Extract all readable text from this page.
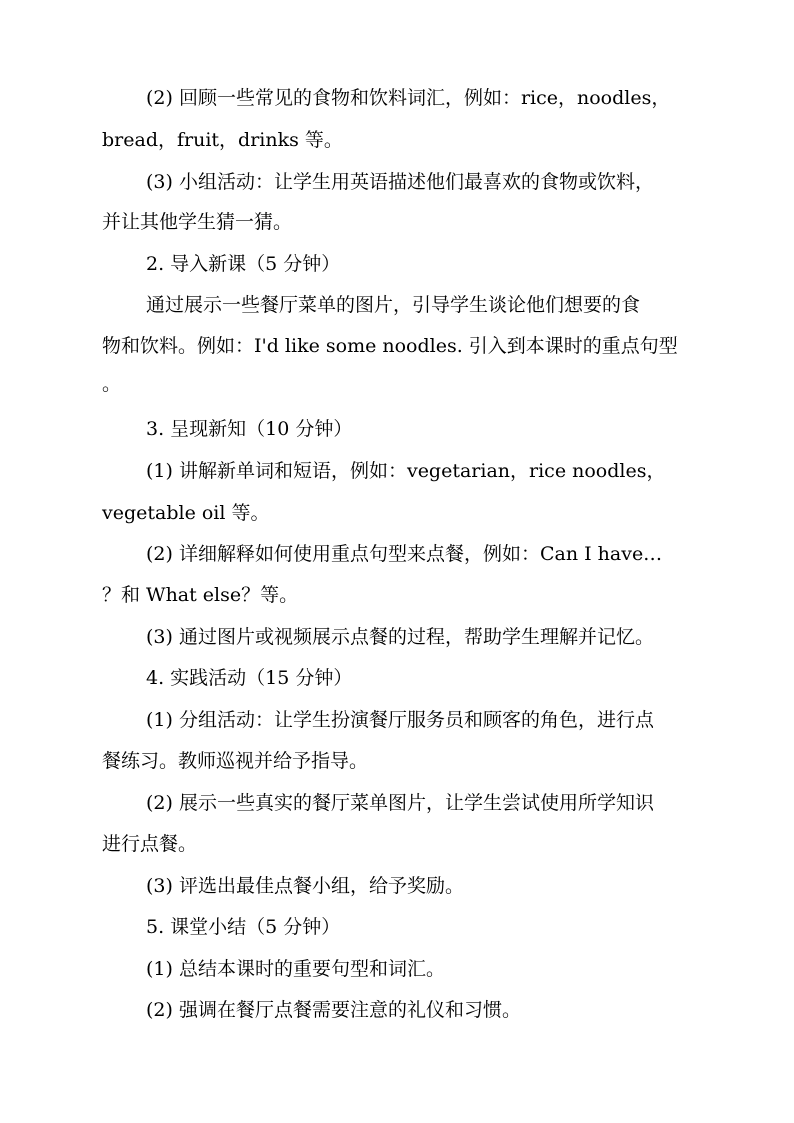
(2) 回顾一些常见的食物和饮料词汇，例如：rice，noodles，

bread，fruit，drinks 等。

(3) 小组活动：让学生用英语描述他们最喜欢的食物或饮料，

并让其他学生猜一猜。

2. 导入新课（5 分钟）

通过展示一些餐厅菜单的图片，引导学生谈论他们想要的食

物和饮料。例如：I'd like some noodles. 引入到本课时的重点句型

。

3. 呈现新知（10 分钟）

(1) 讲解新单词和短语，例如：vegetarian，rice noodles，

vegetable oil 等。

(2) 详细解释如何使用重点句型来点餐，例如：Can I have…

？和 What else？等。

(3) 通过图片或视频展示点餐的过程，帮助学生理解并记忆。

4. 实践活动（15 分钟）

(1) 分组活动：让学生扮演餐厅服务员和顾客的角色，进行点

餐练习。教师巡视并给予指导。

(2) 展示一些真实的餐厅菜单图片，让学生尝试使用所学知识

进行点餐。

(3) 评选出最佳点餐小组，给予奖励。

5. 课堂小结（5 分钟）

(1) 总结本课时的重要句型和词汇。

(2) 强调在餐厅点餐需要注意的礼仪和习惯。
